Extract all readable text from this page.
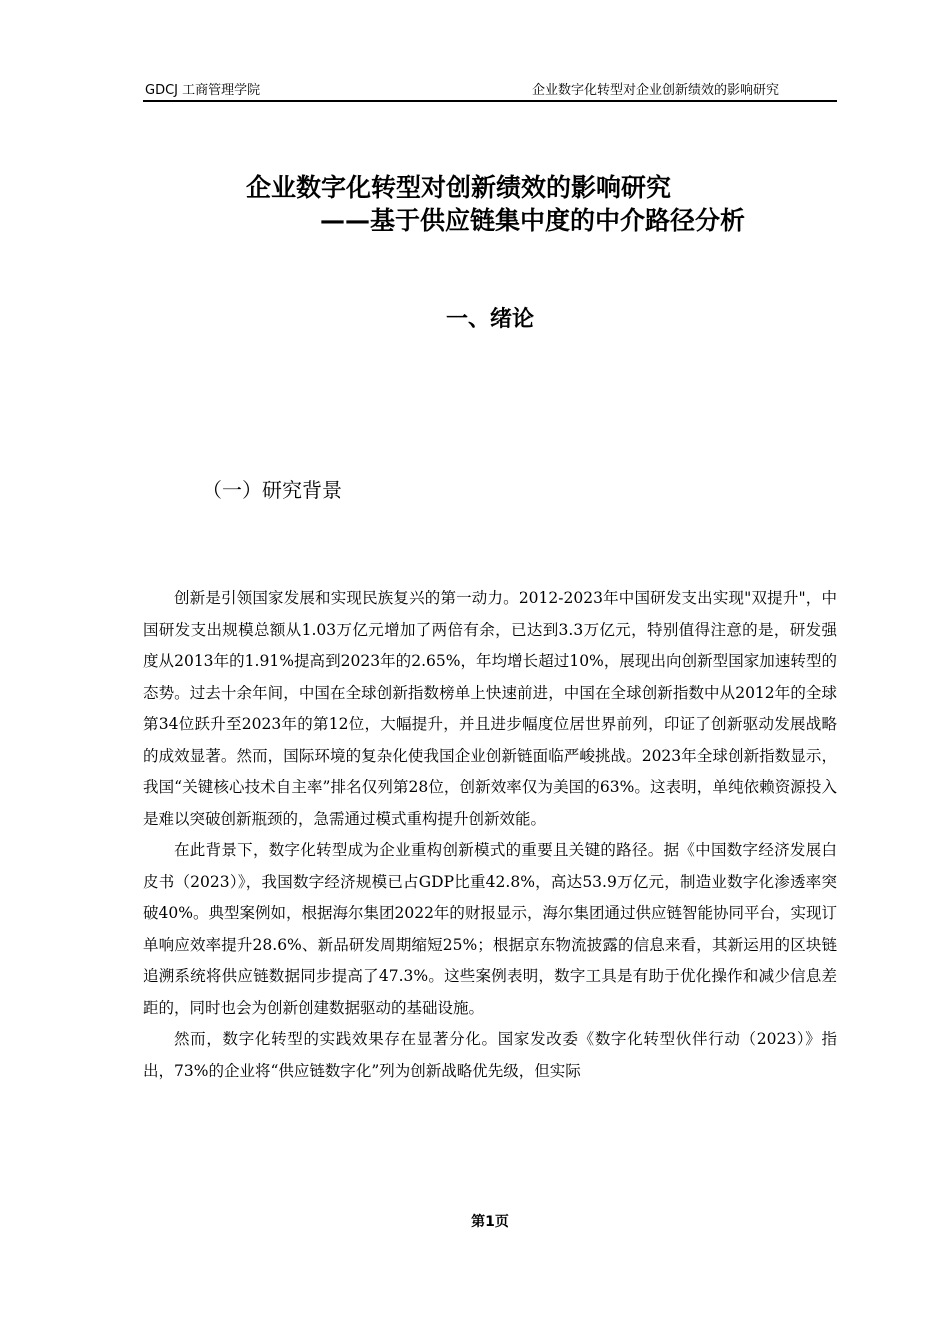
GDCJ 工商管理学院	企业数字化转型对企业创新绩效的影响研究
企业数字化转型对创新绩效的影响研究
——基于供应链集中度的中介路径分析
一、绪论
（一）研究背景

创新是引领国家发展和实现民族复兴的第一动力。2012-2023年中国研发支出实现"双提升"，中国研发支出规模总额从1.03万亿元增加了两倍有余，已达到3.3万亿元，特别值得注意的是，研发强度从2013年的1.91%提高到2023年的2.65%，年均增长超过10%，展现出向创新型国家加速转型的态势。过去十余年间，中国在全球创新指数榜单上快速前进，中国在全球创新指数中从2012年的全球第34位跃升至2023年的第12位，大幅提升，并且进步幅度位居世界前列，印证了创新驱动发展战略的成效显著。然而，国际环境的复杂化使我国企业创新链面临严峻挑战。2023年全球创新指数显示，我国“关键核心技术自主率”排名仅列第28位，创新效率仅为美国的63%。这表明，单纯依赖资源投入是难以突破创新瓶颈的，急需通过模式重构提升创新效能。

在此背景下，数字化转型成为企业重构创新模式的重要且关键的路径。据《中国数字经济发展白皮书（2023）》，我国数字经济规模已占GDP比重42.8%，高达53.9万亿元，制造业数字化渗透率突破40%。典型案例如，根据海尔集团2022年的财报显示，海尔集团通过供应链智能协同平台，实现订单响应效率提升28.6%、新品研发周期缩短25%；根据京东物流披露的信息来看，其新运用的区块链追溯系统将供应链数据同步提高了47.3%。这些案例表明，数字工具是有助于优化操作和减少信息差距的，同时也会为创新创建数据驱动的基础设施。

然而，数字化转型的实践效果存在显著分化。国家发改委《数字化转型伙伴行动（2023）》指出，73%的企业将“供应链数字化”列为创新战略优先级，但实际

第1页
